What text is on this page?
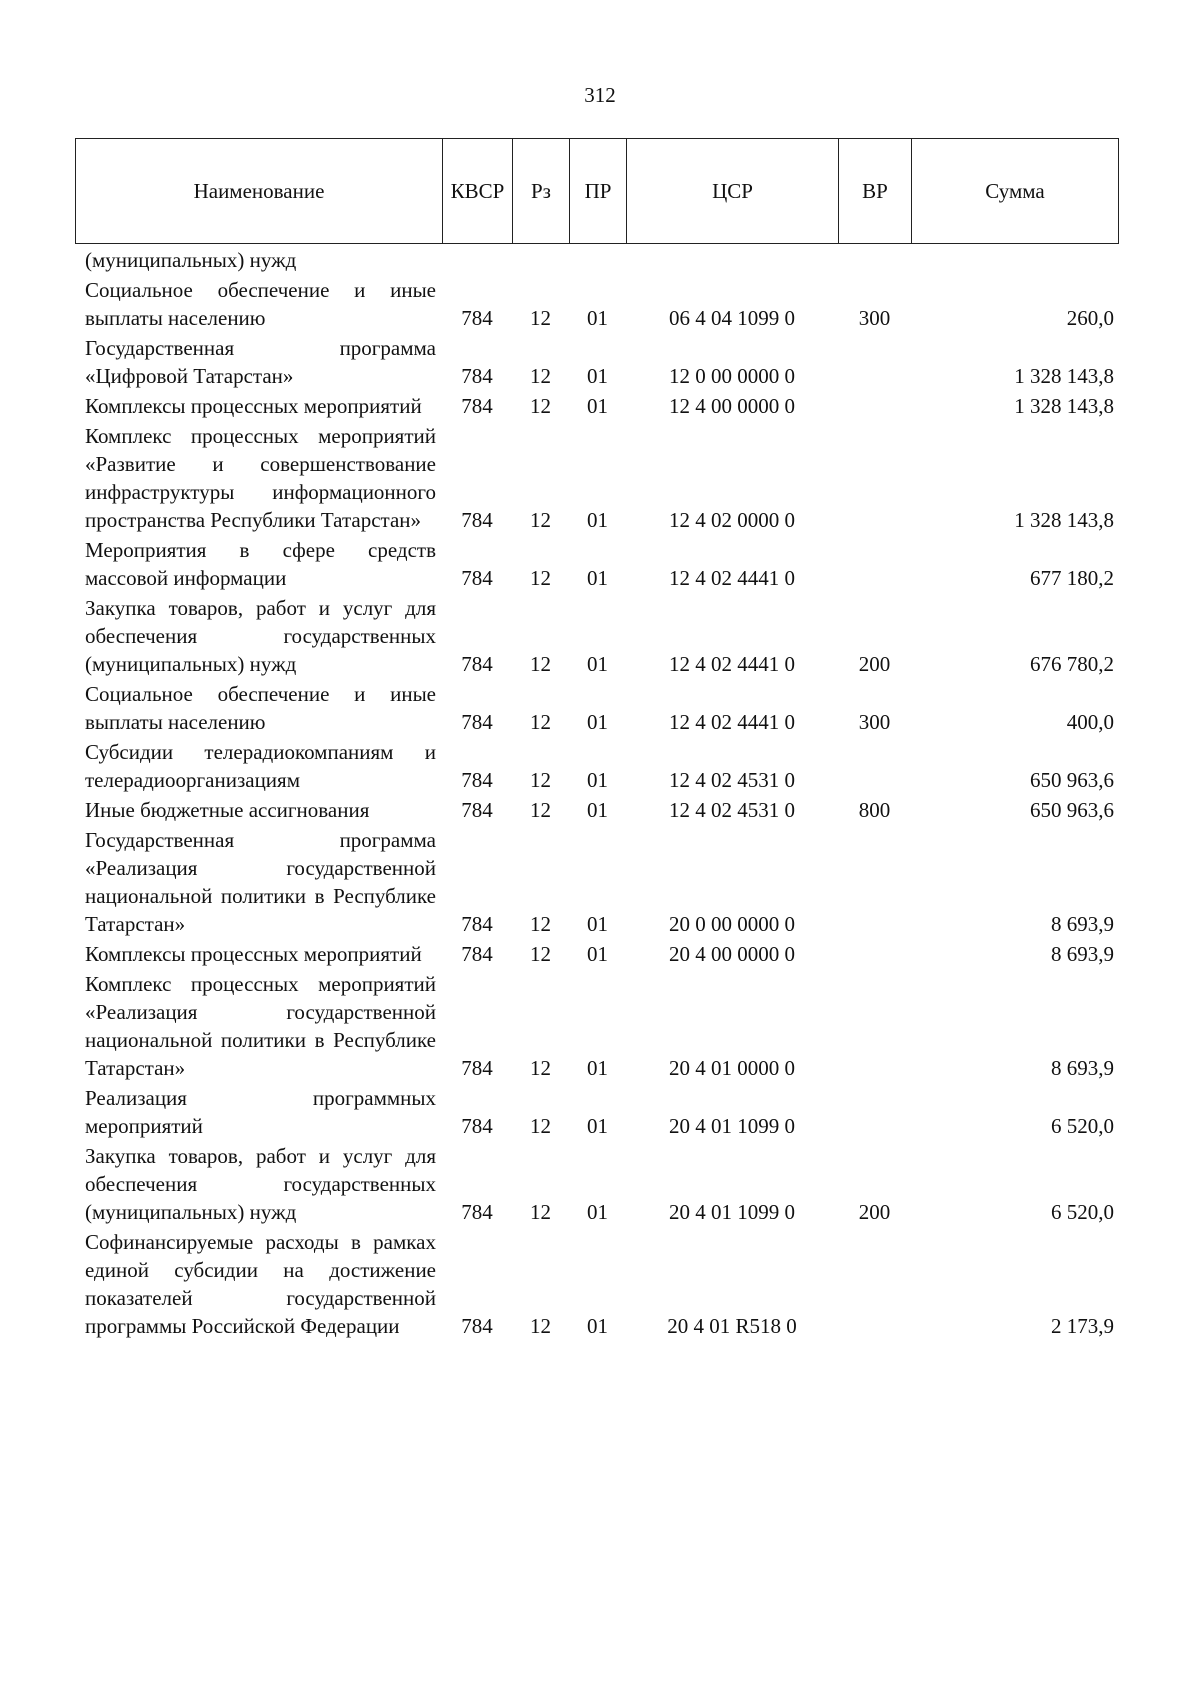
312
Наименование	КВСР	Рз	ПР	ЦСР	ВР	Сумма
(муниципальных) нужд						
Социальное обеспечение и иные выплаты населению	784	12	01	06 4 04 1099 0	300	260,0
Государственная программа «Цифровой Татарстан»	784	12	01	12 0 00 0000 0		1 328 143,8
Комплексы процессных мероприятий	784	12	01	12 4 00 0000 0		1 328 143,8
Комплекс процессных мероприятий «Развитие и совершенствование инфраструктуры информационного пространства Республики Татарстан»	784	12	01	12 4 02 0000 0		1 328 143,8
Мероприятия в сфере средств массовой информации	784	12	01	12 4 02 4441 0		677 180,2
Закупка товаров, работ и услуг для обеспечения государственных (муниципальных) нужд	784	12	01	12 4 02 4441 0	200	676 780,2
Социальное обеспечение и иные выплаты населению	784	12	01	12 4 02 4441 0	300	400,0
Субсидии телерадиокомпаниям и телерадиоорганизациям	784	12	01	12 4 02 4531 0		650 963,6
Иные бюджетные ассигнования	784	12	01	12 4 02 4531 0	800	650 963,6
Государственная программа «Реализация государственной национальной политики в Республике Татарстан»	784	12	01	20 0 00 0000 0		8 693,9
Комплексы процессных мероприятий	784	12	01	20 4 00 0000 0		8 693,9
Комплекс процессных мероприятий «Реализация государственной национальной политики в Республике Татарстан»	784	12	01	20 4 01 0000 0		8 693,9
Реализация программных мероприятий	784	12	01	20 4 01 1099 0		6 520,0
Закупка товаров, работ и услуг для обеспечения государственных (муниципальных) нужд	784	12	01	20 4 01 1099 0	200	6 520,0
Софинансируемые расходы в рамках единой субсидии на достижение показателей государственной программы Российской Федерации	784	12	01	20 4 01 R518 0		2 173,9
